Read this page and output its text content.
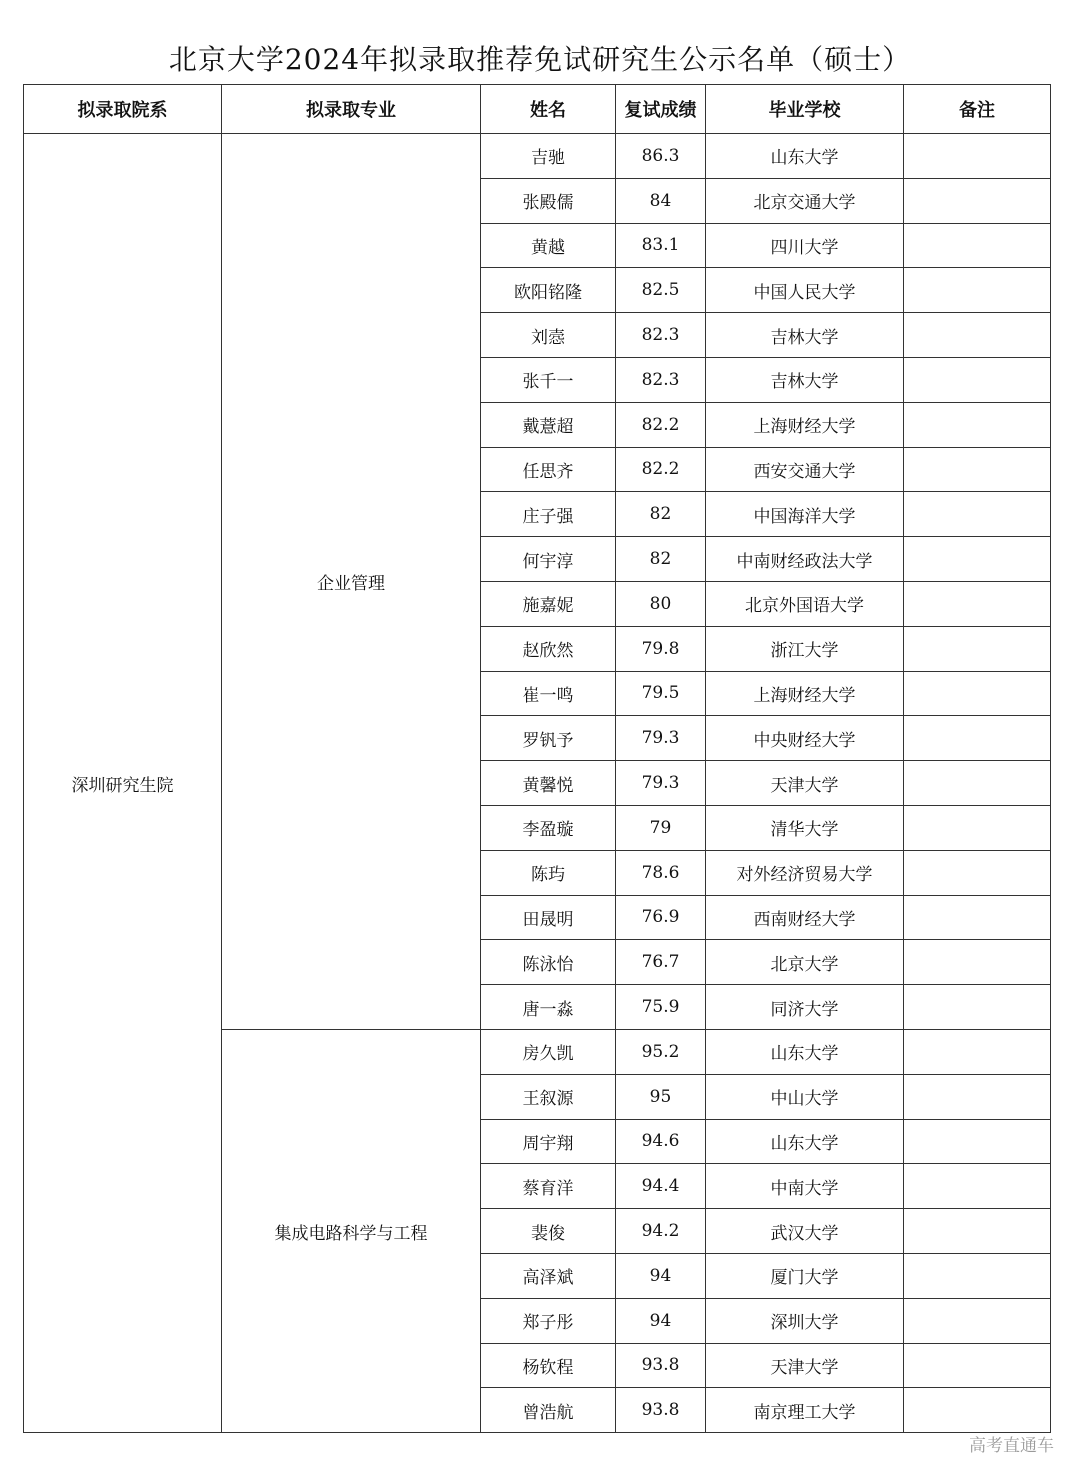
北京大学2024年拟录取推荐免试研究生公示名单（硕士）
拟录取院系	拟录取专业	姓名	复试成绩	毕业学校	备注
深圳研究生院	企业管理	吉驰	86.3	山东大学	
		张殿儒	84	北京交通大学	
		黄越	83.1	四川大学	
		欧阳铭隆	82.5	中国人民大学	
		刘悫	82.3	吉林大学	
		张千一	82.3	吉林大学	
		戴薏超	82.2	上海财经大学	
		任思齐	82.2	西安交通大学	
		庄子强	82	中国海洋大学	
		何宇淳	82	中南财经政法大学	
		施嘉妮	80	北京外国语大学	
		赵欣然	79.8	浙江大学	
		崔一鸣	79.5	上海财经大学	
		罗钒予	79.3	中央财经大学	
		黄馨悦	79.3	天津大学	
		李盈璇	79	清华大学	
		陈玙	78.6	对外经济贸易大学	
		田晟明	76.9	西南财经大学	
		陈泳怡	76.7	北京大学	
		唐一淼	75.9	同济大学	
	集成电路科学与工程	房久凯	95.2	山东大学	
		王叙源	95	中山大学	
		周宇翔	94.6	山东大学	
		蔡育洋	94.4	中南大学	
		裴俊	94.2	武汉大学	
		高泽斌	94	厦门大学	
		郑子彤	94	深圳大学	
		杨钦程	93.8	天津大学	
		曾浩航	93.8	南京理工大学	
高考直通车
